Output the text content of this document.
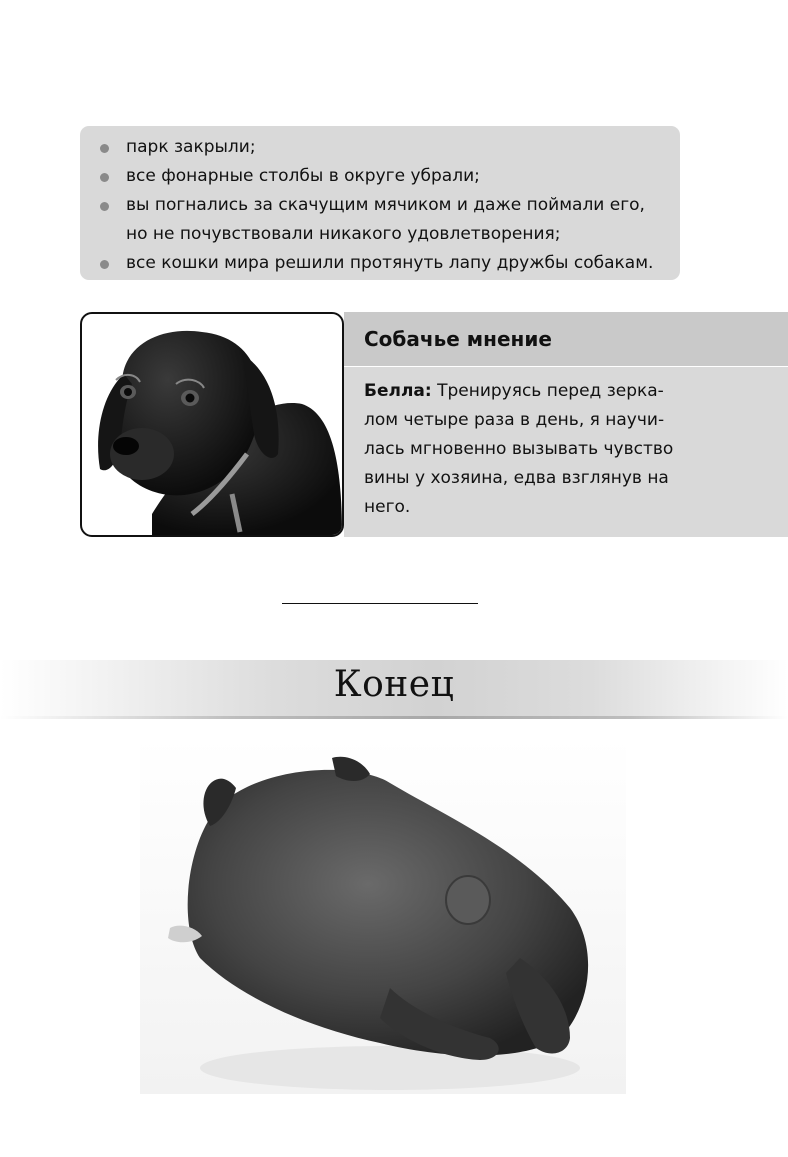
парк закрыли;
все фонарные столбы в округе убрали;
вы погнались за скачущим мячиком и даже поймали его,
но не почувствовали никакого удовлетворения;
все кошки мира решили протянуть лапу дружбы собакам.
Собачье мнение
Белла: Тренируясь перед зерка-
лом четыре раза в день, я научи-
лась мгновенно вызывать чувство
вины у хозяина, едва взглянув на
него.
Конец
